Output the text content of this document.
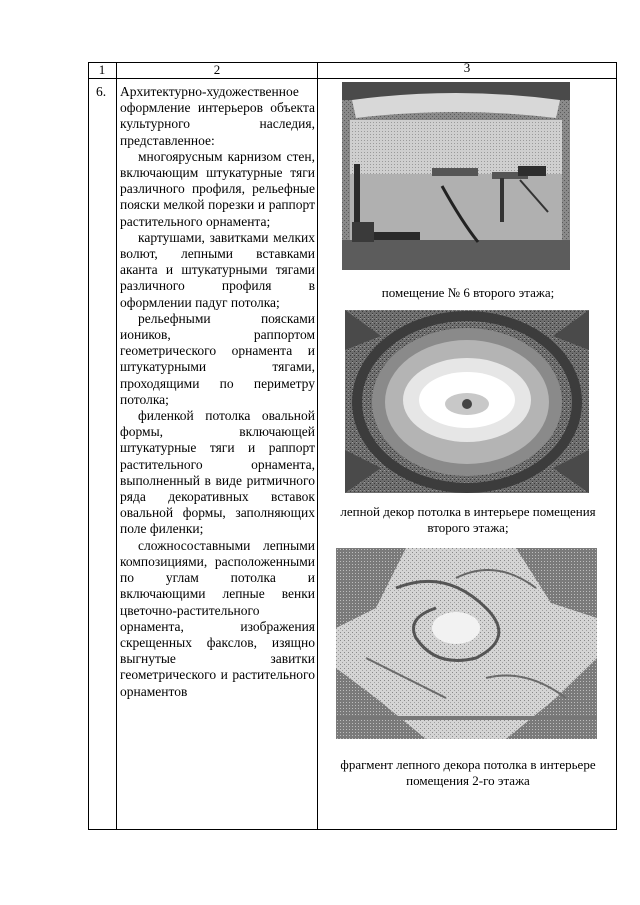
1	2	3
6. Архитектурно-художественное оформление интерьеров объекта культурного наследия, представленное:

многоярусным карнизом стен, включающим штукатурные тяги различного профиля, рельефные пояски мелкой порезки и раппорт растительного орнамента;

картушами, завитками мелких волют, лепными вставками аканта и штукатурными тягами различного профиля в оформлении падуг потолка;

рельефными поясками иоников, раппортом геометрического орнамента и штукатурными тягами, проходящими по периметру потолка;

филенкой потолка овальной формы, включающей штукатурные тяги и раппорт растительного орнамента, выполненный в виде ритмичного ряда декоративных вставок овальной формы, заполняющих поле филенки;

сложносоставными лепными композициями, расположенными по углам потолка и включающими лепные венки цветочно-растительного орнамента, изображения скрещенных факслов, изящно выгнутые завитки геометрического и растительного орнаментов

помещение № 6 второго этажа;
лепной декор потолка в интерьере помещения второго этажа;
фрагмент лепного декора потолка в интерьере помещения 2-го этажа
